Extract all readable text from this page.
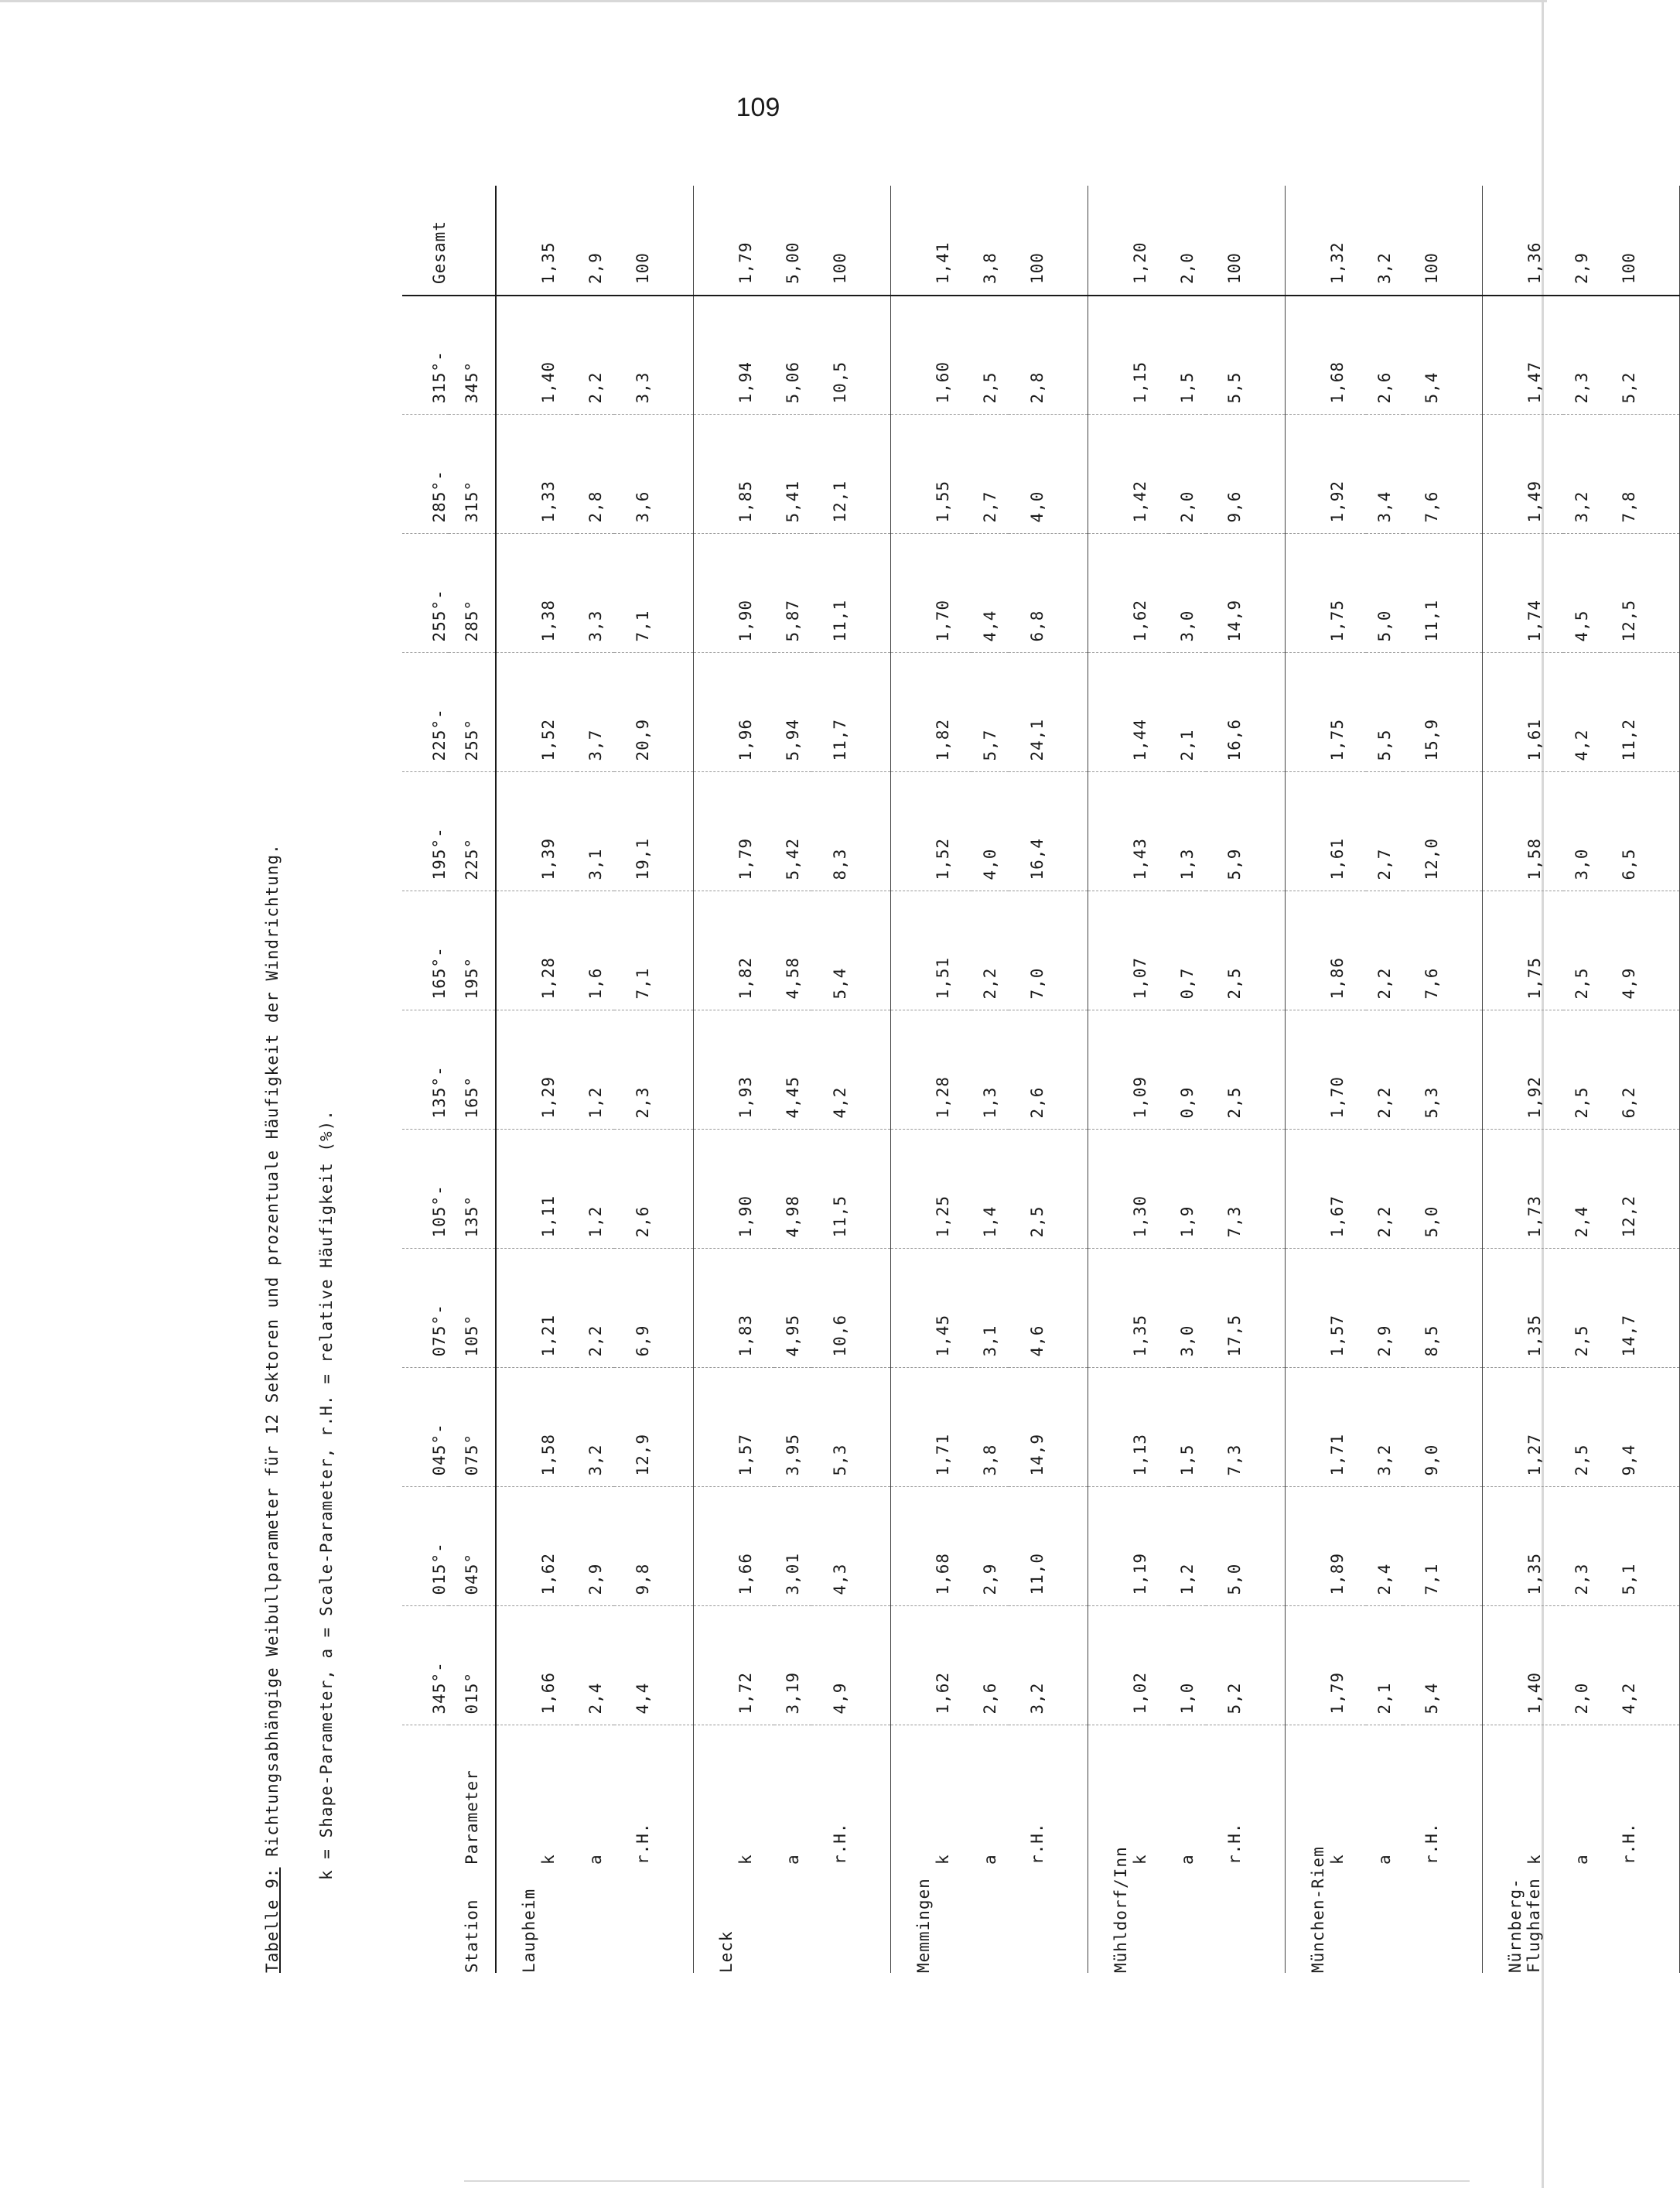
109
Tabelle 9: Richtungsabhängige Weibullparameter für 12 Sektoren und prozentuale Häufigkeit der Windrichtung. k = Shape-Parameter, a = Scale-Parameter, r.H. = relative Häufigkeit (%).
			345°-	015°-	045°-	075°-	105°-	135°-	165°-	195°-	225°-	255°-	285°-	315°-	Gesamt
Station	Parameter	015°	045°	075°	105°	135°	165°	195°	225°	255°	285°	315°	345°	

Laupheim	k	1,66	1,62	1,58	1,21	1,11	1,29	1,28	1,39	1,52	1,38	1,33	1,40	1,35
	a	2,4	2,9	3,2	2,2	1,2	1,2	1,6	3,1	3,7	3,3	2,8	2,2	2,9
	r.H.	4,4	9,8	12,9	6,9	2,6	2,3	7,1	19,1	20,9	7,1	3,6	3,3	100

Leck	k	1,72	1,66	1,57	1,83	1,90	1,93	1,82	1,79	1,96	1,90	1,85	1,94	1,79
	a	3,19	3,01	3,95	4,95	4,98	4,45	4,58	5,42	5,94	5,87	5,41	5,06	5,00
	r.H.	4,9	4,3	5,3	10,6	11,5	4,2	5,4	8,3	11,7	11,1	12,1	10,5	100

Memmingen	k	1,62	1,68	1,71	1,45	1,25	1,28	1,51	1,52	1,82	1,70	1,55	1,60	1,41
	a	2,6	2,9	3,8	3,1	1,4	1,3	2,2	4,0	5,7	4,4	2,7	2,5	3,8
	r.H.	3,2	11,0	14,9	4,6	2,5	2,6	7,0	16,4	24,1	6,8	4,0	2,8	100

Mühldorf/Inn	k	1,02	1,19	1,13	1,35	1,30	1,09	1,07	1,43	1,44	1,62	1,42	1,15	1,20
	a	1,0	1,2	1,5	3,0	1,9	0,9	0,7	1,3	2,1	3,0	2,0	1,5	2,0
	r.H.	5,2	5,0	7,3	17,5	7,3	2,5	2,5	5,9	16,6	14,9	9,6	5,5	100

München-Riem	k	1,79	1,89	1,71	1,57	1,67	1,70	1,86	1,61	1,75	1,75	1,92	1,68	1,32
	a	2,1	2,4	3,2	2,9	2,2	2,2	2,2	2,7	5,5	5,0	3,4	2,6	3,2
	r.H.	5,4	7,1	9,0	8,5	5,0	5,3	7,6	12,0	15,9	11,1	7,6	5,4	100

Nürnberg- Flughafen	k	1,40	1,35	1,27	1,35	1,73	1,92	1,75	1,58	1,61	1,74	1,49	1,47	1,36
	a	2,0	2,3	2,5	2,5	2,4	2,5	2,5	3,0	4,2	4,5	3,2	2,3	2,9
	r.H.	4,2	5,1	9,4	14,7	12,2	6,2	4,9	6,5	11,2	12,5	7,8	5,2	100
